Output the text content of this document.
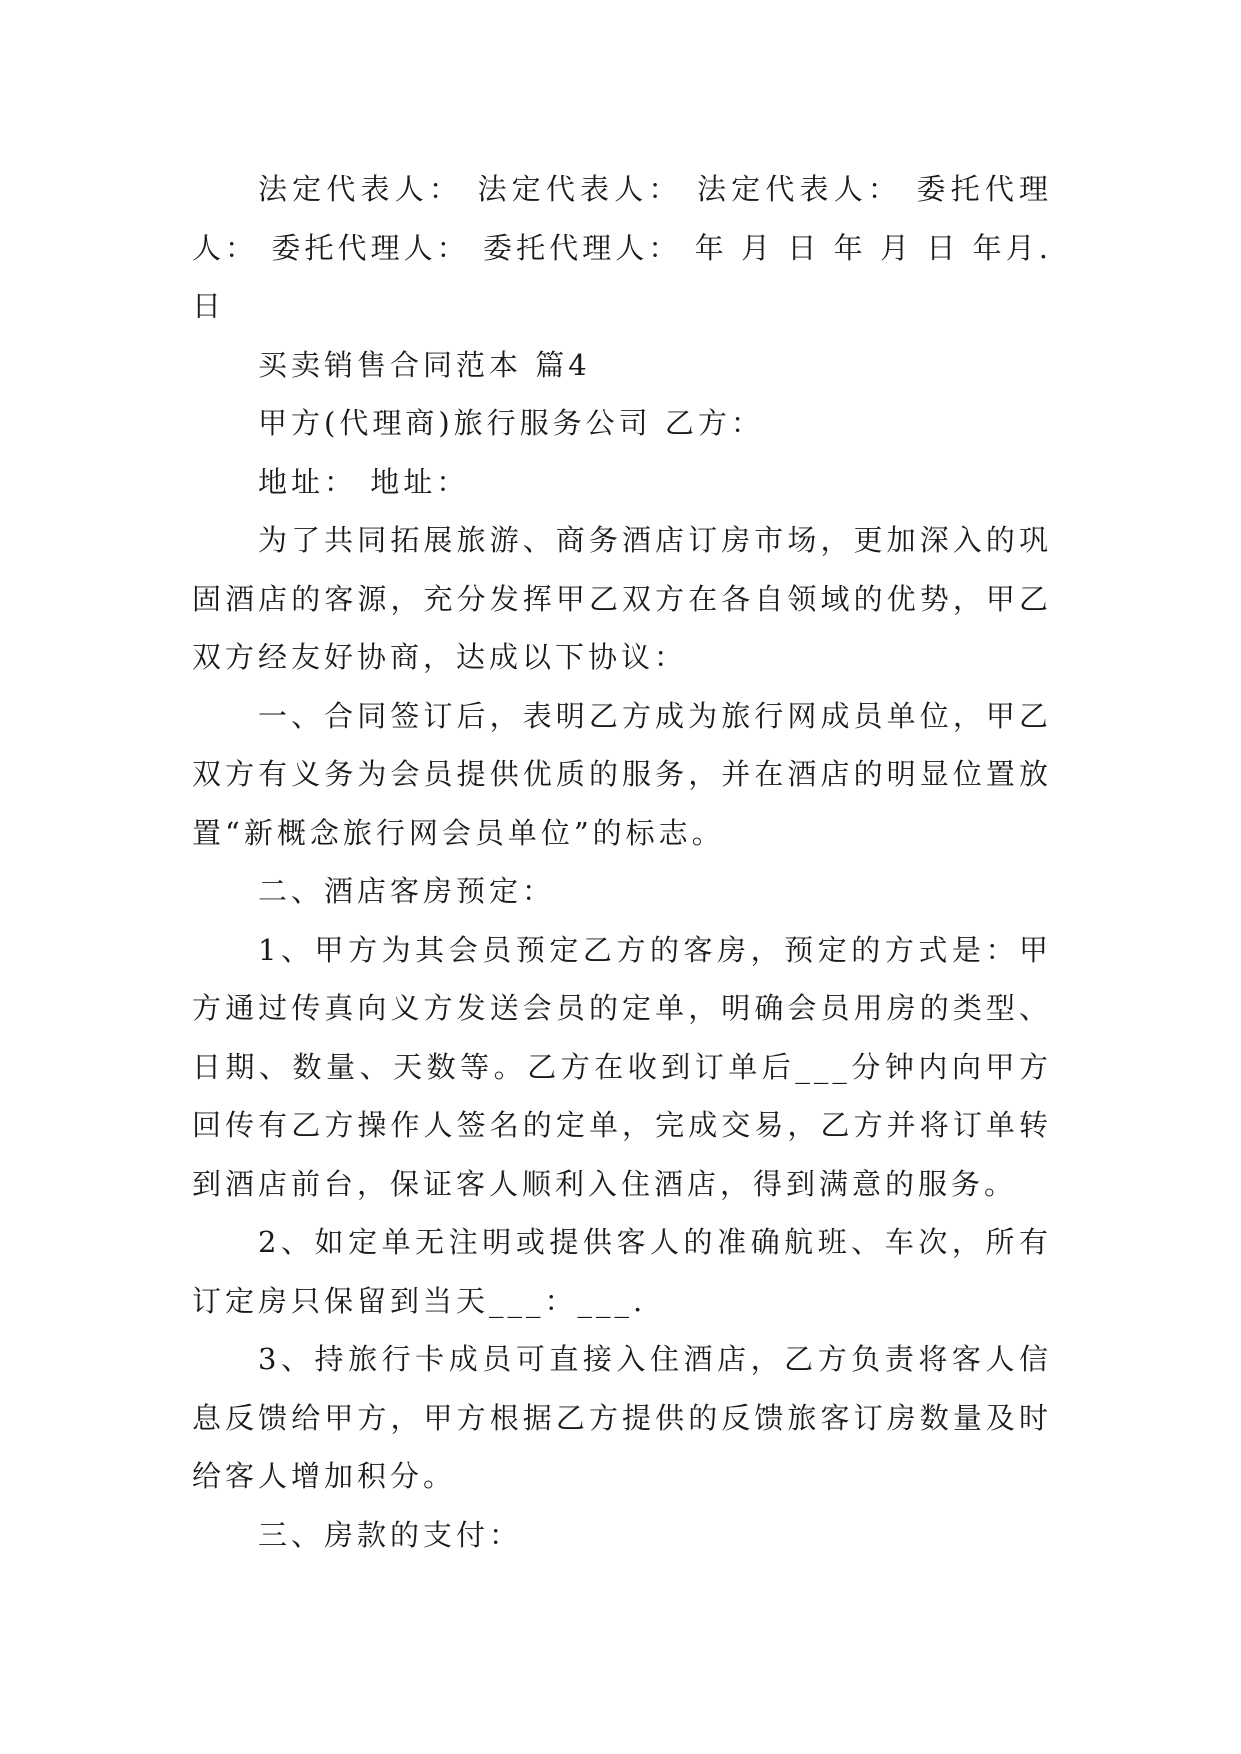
法定代表人： 法定代表人： 法定代表人： 委托代理人： 委托代理人： 委托代理人： 年 月 日 年 月 日 年月.日

买卖销售合同范本 篇4

甲方(代理商)旅行服务公司 乙方：

地址： 地址：

为了共同拓展旅游、商务酒店订房市场，更加深入的巩固酒店的客源，充分发挥甲乙双方在各自领域的优势，甲乙双方经友好协商，达成以下协议：

一、合同签订后，表明乙方成为旅行网成员单位，甲乙双方有义务为会员提供优质的服务，并在酒店的明显位置放置“新概念旅行网会员单位”的标志。

二、酒店客房预定：

1、甲方为其会员预定乙方的客房，预定的方式是：甲方通过传真向义方发送会员的定单，明确会员用房的类型、日期、数量、天数等。乙方在收到订单后___分钟内向甲方回传有乙方操作人签名的定单，完成交易，乙方并将订单转到酒店前台，保证客人顺利入住酒店，得到满意的服务。

2、如定单无注明或提供客人的准确航班、车次，所有订定房只保留到当天___：___.

3、持旅行卡成员可直接入住酒店，乙方负责将客人信息反馈给甲方，甲方根据乙方提供的反馈旅客订房数量及时给客人增加积分。

三、房款的支付：
